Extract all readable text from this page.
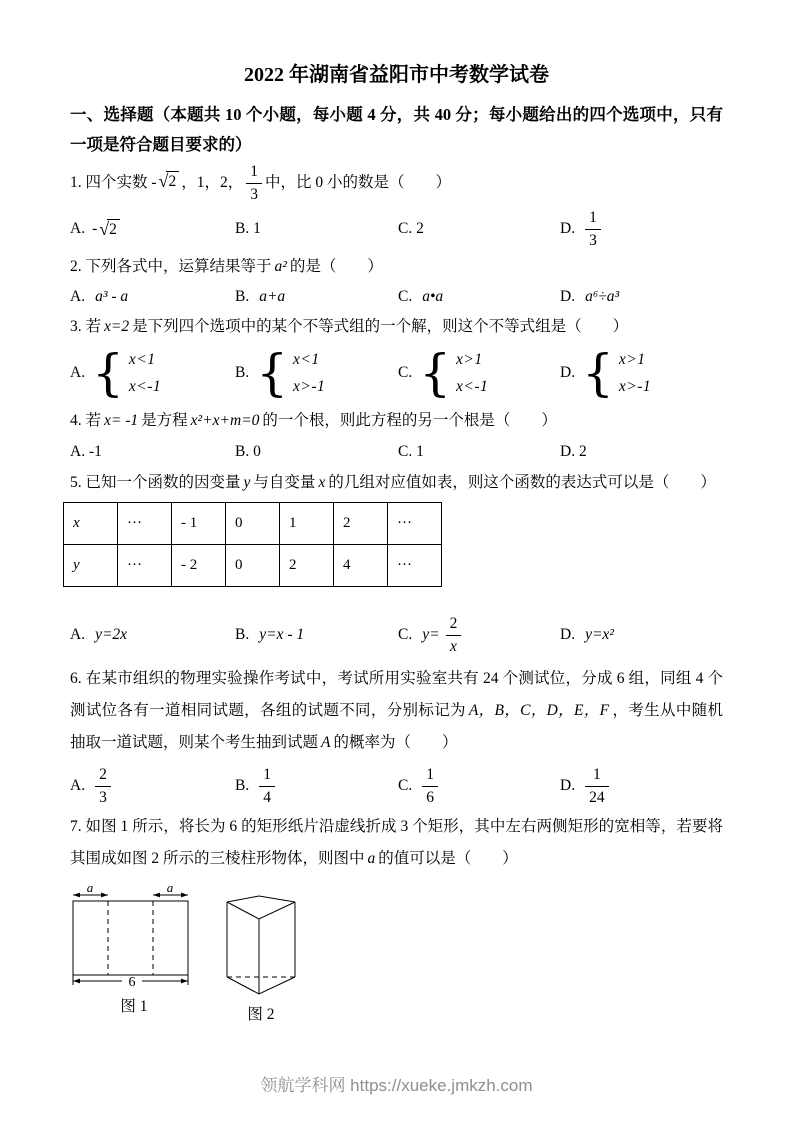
2022 年湖南省益阳市中考数学试卷
一、选择题（本题共 10 个小题，每小题 4 分，共 40 分；每小题给出的四个选项中，只有一项是符合题目要求的）
1. 四个实数 - √ 2 ，1，2， $\frac{1}{3}$ 中，比 0 小的数是（　　）
A. - √ 2	B. 1	C. 2	D. $\frac{1}{3}$
2. 下列各式中，运算结果等于 a² 的是（　　）
A. a³ - a	B. a+a	C. a•a	D. a⁶÷a³
3. 若 x=2 是下列四个选项中的某个不等式组的一个解，则这个不等式组是（　　）
A. { x<1
x<-1
B. { x<1
x>-1
C. { x>1
x<-1
D. { x>1
x>-1
4. 若 x= -1 是方程 x²+x+m=0 的一个根，则此方程的另一个根是（　　）
A. -1	B. 0	C. 1	D. 2
5. 已知一个函数的因变量 y 与自变量 x 的几组对应值如表，则这个函数的表达式可以是（　　）
x	···	- 1	0	1	2	···
y	···	- 2	0	2	4	···
A. y=2x	B. y=x - 1	C. $y= \frac{2}{x}$	D. y=x²
6. 在某市组织的物理实验操作考试中，考试所用实验室共有 24 个测试位，分成 6 组，同组 4 个测试位各有一道相同试题，各组的试题不同，分别标记为 A，B，C，D，E，F ，考生从中随机抽取一道试题，则某个考生抽到试题 A 的概率为（　　）
A. $\frac{2}{3}$	B. $\frac{1}{4}$	C. $\frac{1}{6}$	D. $\frac{1}{24}$
7. 如图 1 所示，将长为 6 的矩形纸片沿虚线折成 3 个矩形，其中左右两侧矩形的宽相等，若要将其围成如图 2 所示的三棱柱形物体，则图中 a 的值可以是（　　）
a	a
6
图 1	图 2
领航学科网 https://xueke.jmkzh.com
